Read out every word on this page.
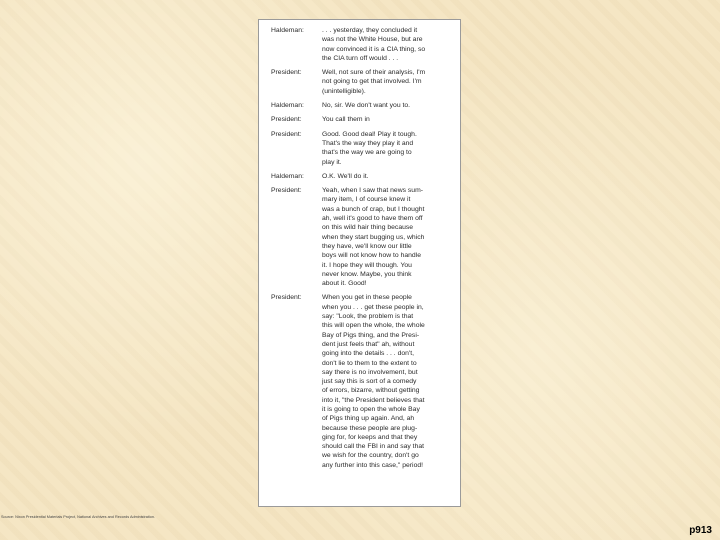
Haldeman:	. . . yesterday, they concluded it
was not the White House, but are
now convinced it is a CIA thing, so
the CIA turn off would . . .
President:	Well, not sure of their analysis, I'm
not going to get that involved. I'm
(unintelligible).
Haldeman:	No, sir. We don't want you to.
President:	You call them in
President:	Good. Good deal! Play it tough.
That's the way they play it and
that's the way we are going to
play it.
Haldeman:	O.K. We'll do it.
President:	Yeah, when I saw that news sum-
mary item, I of course knew it
was a bunch of crap, but I thought
ah, well it's good to have them off
on this wild hair thing because
when they start bugging us, which
they have, we'll know our little
boys will not know how to handle
it. I hope they will though. You
never know. Maybe, you think
about it. Good!
President:	When you get in these people
when you . . . get these people in,
say: "Look, the problem is that
this will open the whole, the whole
Bay of Pigs thing, and the Presi-
dent just feels that" ah, without
going into the details . . . don't,
don't lie to them to the extent to
say there is no involvement, but
just say this is sort of a comedy
of errors, bizarre, without getting
into it, "the President believes that
it is going to open the whole Bay
of Pigs thing up again. And, ah
because these people are plug-
ging for, for keeps and that they
should call the FBI in and say that
we wish for the country, don't go
any further into this case," period!
Source: Nixon Presidential Materials Project, National Archives and Records Administration.
p913
